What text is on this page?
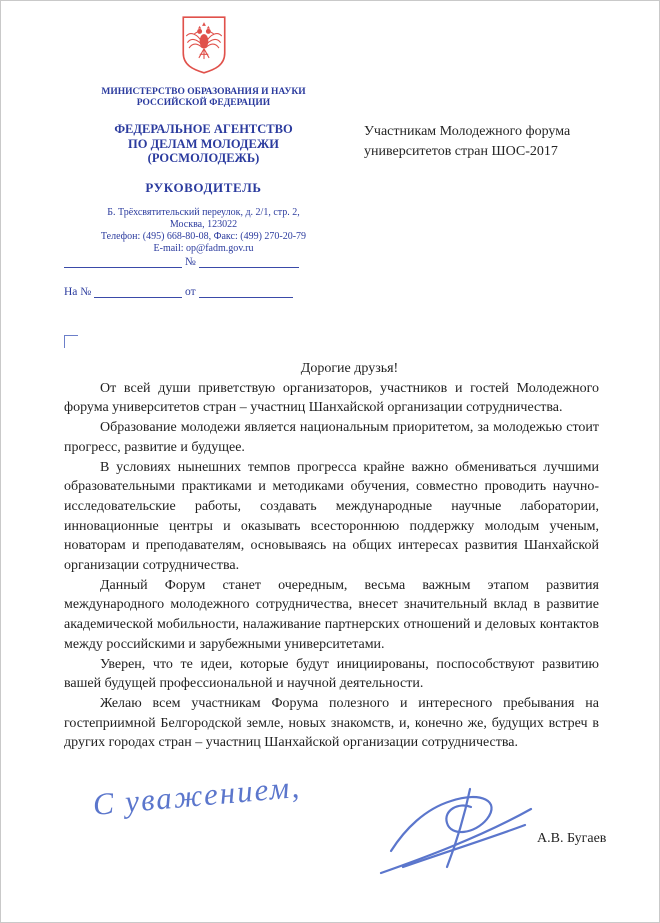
МИНИСТЕРСТВО ОБРАЗОВАНИЯ И НАУКИ
РОССИЙСКОЙ ФЕДЕРАЦИИ
ФЕДЕРАЛЬНОЕ АГЕНТСТВО
ПО ДЕЛАМ МОЛОДЕЖИ
(РОСМОЛОДЕЖЬ)
РУКОВОДИТЕЛЬ
Б. Трёхсвятительский переулок, д. 2/1, стр. 2,
Москва, 123022
Телефон: (495) 668-80-08, Факс: (499) 270-20-79
E-mail: op@fadm.gov.ru
Участникам Молодежного форума
университетов стран ШОС-2017
№
На №	от

Дорогие друзья!

От всей души приветствую организаторов, участников и гостей Молодежного форума университетов стран – участниц Шанхайской организации сотрудничества.

Образование молодежи является национальным приоритетом, за молодежью стоит прогресс, развитие и будущее.

В условиях нынешних темпов прогресса крайне важно обмениваться лучшими образовательными практиками и методиками обучения, совместно проводить научно-исследовательские работы, создавать международные научные лаборатории, инновационные центры и оказывать всестороннюю поддержку молодым ученым, новаторам и преподавателям, основываясь на общих интересах развития Шанхайской организации сотрудничества.

Данный Форум станет очередным, весьма важным этапом развития международного молодежного сотрудничества, внесет значительный вклад в развитие академической мобильности, налаживание партнерских отношений и деловых контактов между российскими и зарубежными университетами.

Уверен, что те идеи, которые будут инициированы, поспособствуют развитию вашей будущей профессиональной и научной деятельности.

Желаю всем участникам Форума полезного и интересного пребывания на гостеприимной Белгородской земле, новых знакомств, и, конечно же, будущих встреч в других городах стран – участниц Шанхайской организации сотрудничества.

С уважением,
А.В. Бугаев
